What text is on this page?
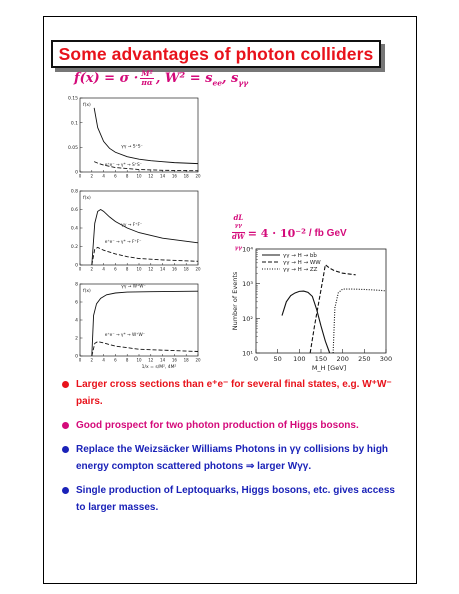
Some advantages of photon colliders
$f(x) = \sigma \cdot \frac{\text{M²}}{\pi\alpha}$ , $W^2 = s_{ee}$, $s_{\gamma\gamma}$
0.15
0.1
0.05
0
0 2 4 6 8 10 12 14 16 18 20
f(x)
γγ → S⁺S⁻
e⁺e⁻ → γ* → S⁺S⁻
0.8
0.6
0.4
0.2
0
0 2 4 6 8 10 12 14 16 18 20
f(x)
γγ → F⁺F⁻
e⁺e⁻ → γ* → F⁺F⁻
8
6
4
2
0
0 2 4 6 8 10 12 14 16 18 20
f(x)
1/x = s/M², 4M²
γγ → W⁺W⁻
e⁺e⁻ → γ* → W⁺W⁻
dL
$^{\gamma\gamma}$
dW
$_{\gamma\gamma}$ = 4 · 10⁻² / fb GeV
10⁴
10³
10²
10¹
0 50 100 150 200 250 300
Number of Events
M_H [GeV]
γγ → H → bb̄
γγ → H → WW
γγ → H → ZZ
Larger cross sections than e⁺e⁻ for several final states, e.g. W⁺W⁻ pairs.
Good prospect for two photon production of Higgs bosons.
Replace the Weizsäcker Williams Photons in γγ collisions by high energy compton scattered photons ⇒ larger Wγγ.
Single production of Leptoquarks, Higgs bosons, etc. gives access to larger masses.
